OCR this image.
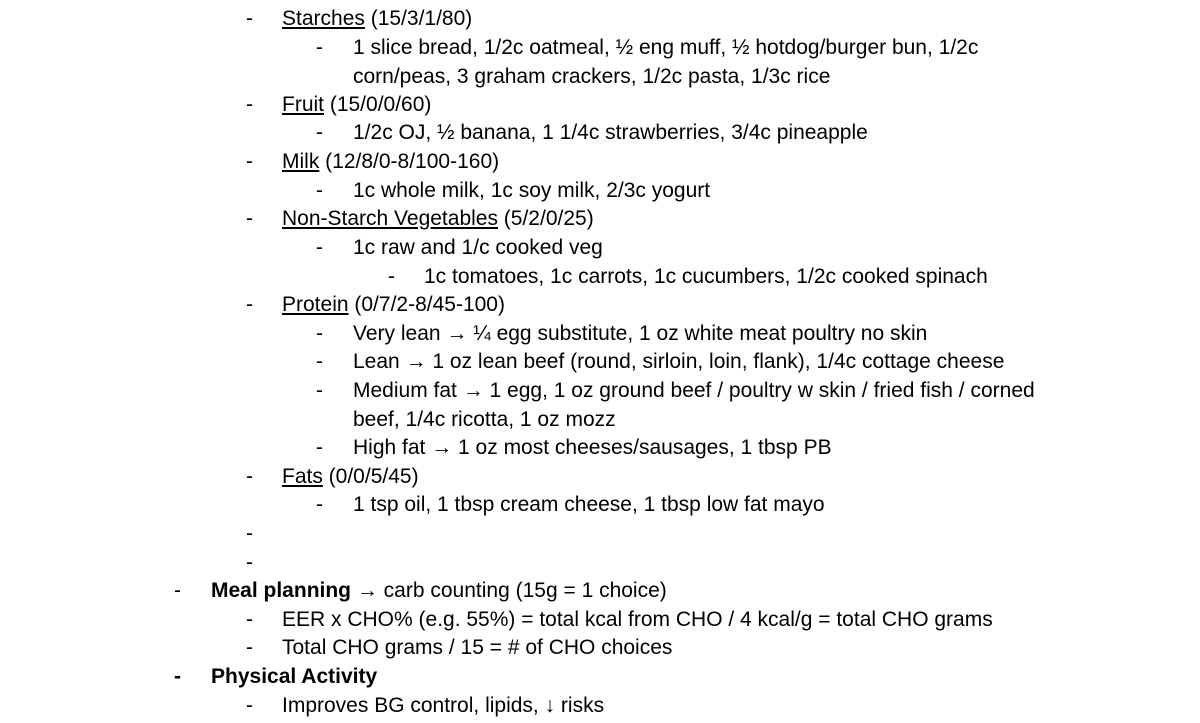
- Starches (15/3/1/80)
- 1 slice bread, 1/2c oatmeal, ½ eng muff, ½ hotdog/burger bun, 1/2c corn/peas, 3 graham crackers, 1/2c pasta, 1/3c rice
- Fruit (15/0/0/60)
- 1/2c OJ, ½ banana, 1 1/4c strawberries, 3/4c pineapple
- Milk (12/8/0-8/100-160)
- 1c whole milk, 1c soy milk, 2/3c yogurt
- Non-Starch Vegetables (5/2/0/25)
- 1c raw and 1/c cooked veg
- 1c tomatoes, 1c carrots, 1c cucumbers, 1/2c cooked spinach
- Protein (0/7/2-8/45-100)
- Very lean → ¼ egg substitute, 1 oz white meat poultry no skin
- Lean → 1 oz lean beef (round, sirloin, loin, flank), 1/4c cottage cheese
- Medium fat → 1 egg, 1 oz ground beef / poultry w skin / fried fish / corned beef, 1/4c ricotta, 1 oz mozz
- High fat → 1 oz most cheeses/sausages, 1 tbsp PB
- Fats (0/0/5/45)
- 1 tsp oil, 1 tbsp cream cheese, 1 tbsp low fat mayo
-
-
- Meal planning → carb counting (15g = 1 choice)
- EER x CHO% (e.g. 55%) = total kcal from CHO / 4 kcal/g = total CHO grams
- Total CHO grams / 15 = # of CHO choices
- Physical Activity
- Improves BG control, lipids, ↓ risks
